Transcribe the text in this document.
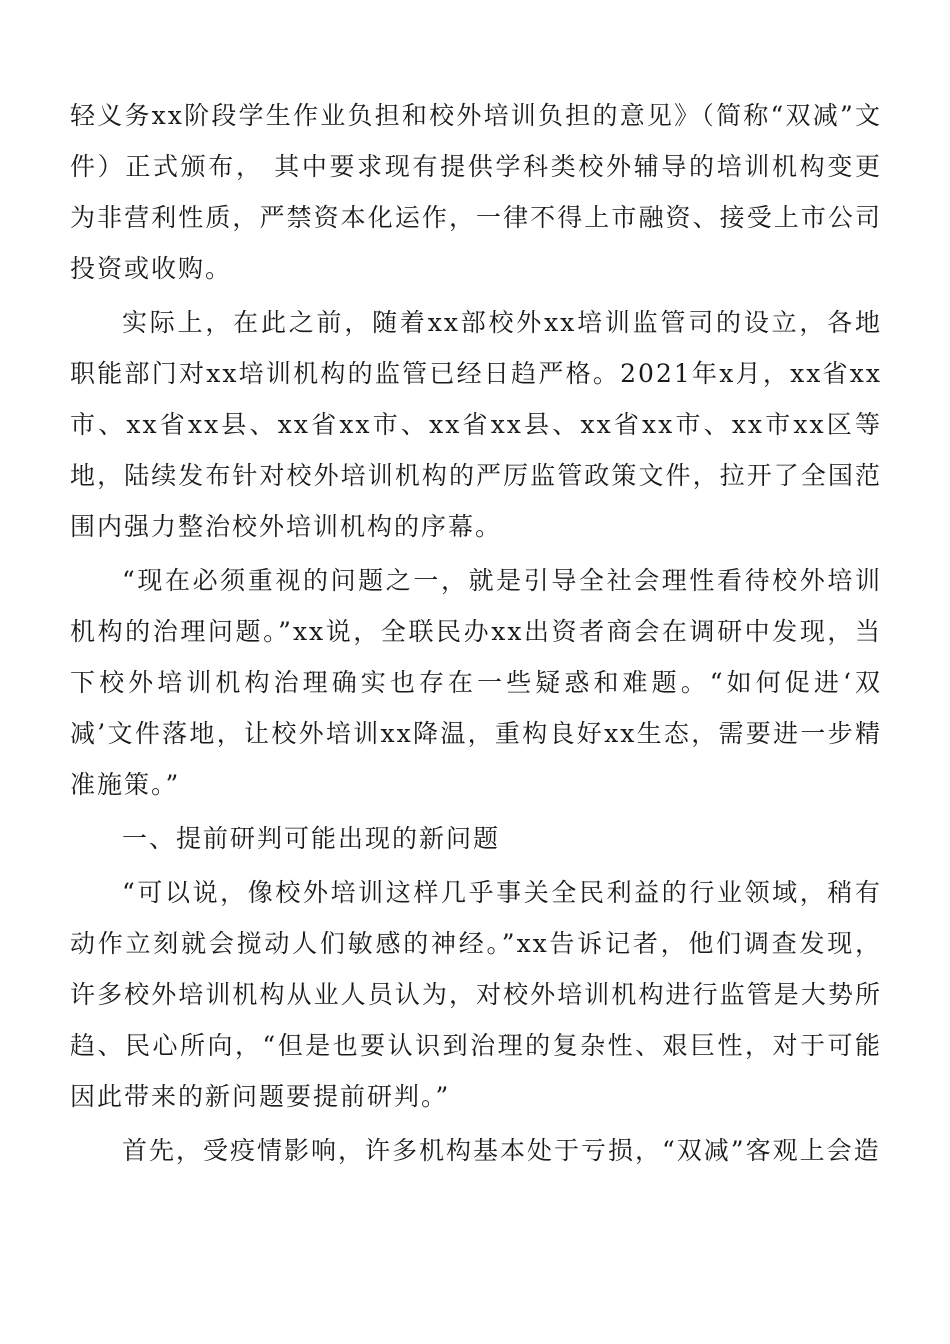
轻义务xx阶段学生作业负担和校外培训负担的意见》（简称“双减”文件）正式颁布， 其中要求现有提供学科类校外辅导的培训机构变更为非营利性质，严禁资本化运作，一律不得上市融资、接受上市公司投资或收购。

实际上，在此之前，随着xx部校外xx培训监管司的设立，各地职能部门对xx培训机构的监管已经日趋严格。2021年x月，xx省xx市、xx省xx县、xx省xx市、xx省xx县、xx省xx市、xx市xx区等地，陆续发布针对校外培训机构的严厉监管政策文件，拉开了全国范围内强力整治校外培训机构的序幕。

“现在必须重视的问题之一，就是引导全社会理性看待校外培训机构的治理问题。”xx说，全联民办xx出资者商会在调研中发现，当下校外培训机构治理确实也存在一些疑惑和难题。“如何促进‘双减’文件落地，让校外培训xx降温，重构良好xx生态，需要进一步精准施策。”

一、提前研判可能出现的新问题

“可以说，像校外培训这样几乎事关全民利益的行业领域，稍有动作立刻就会搅动人们敏感的神经。”xx告诉记者，他们调查发现，许多校外培训机构从业人员认为，对校外培训机构进行监管是大势所趋、民心所向，“但是也要认识到治理的复杂性、艰巨性，对于可能因此带来的新问题要提前研判。”

首先，受疫情影响，许多机构基本处于亏损，“双减”客观上会造
